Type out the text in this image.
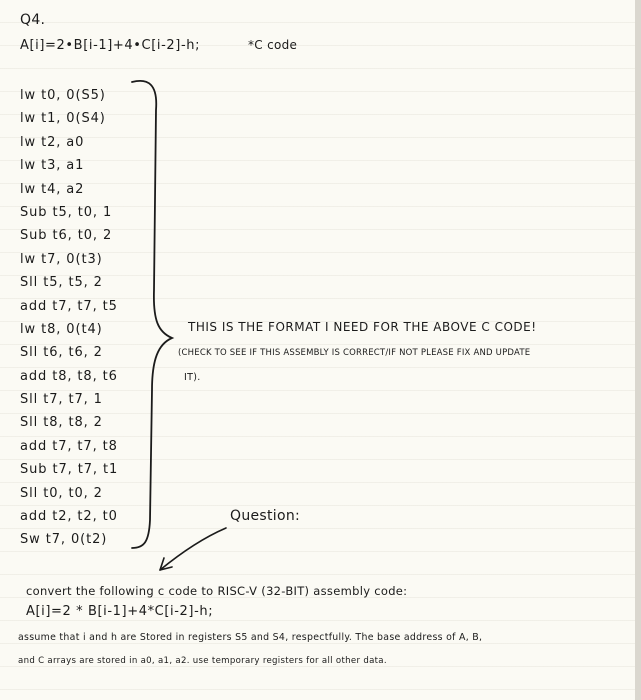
Q4.
A[i]=2•B[i-1]+4•C[i-2]-h;	*C code
lw t0, 0(S5)
lw t1, 0(S4)
lw t2, a0
lw t3, a1
lw t4, a2
Sub t5, t0, 1
Sub t6, t0, 2
lw t7, 0(t3)
Sll t5, t5, 2
add t7, t7, t5
lw t8, 0(t4)
Sll t6, t6, 2
add t8, t8, t6
Sll t7, t7, 1
Sll t8, t8, 2
add t7, t7, t8
Sub t7, t7, t1
Sll t0, t0, 2
add t2, t2, t0
Sw t7, 0(t2)
THIS IS THE FORMAT I NEED FOR THE ABOVE C CODE!
(CHECK TO SEE IF THIS ASSEMBLY IS CORRECT/IF NOT PLEASE FIX AND UPDATE
IT).
Question:
convert the following c code to RISC-V (32-BIT) assembly code:
A[i]=2 * B[i-1]+4*C[i-2]-h;
assume that i and h are Stored in registers S5 and S4, respectfully. The base address of A, B,
and C arrays are stored in a0, a1, a2. use temporary registers for all other data.
